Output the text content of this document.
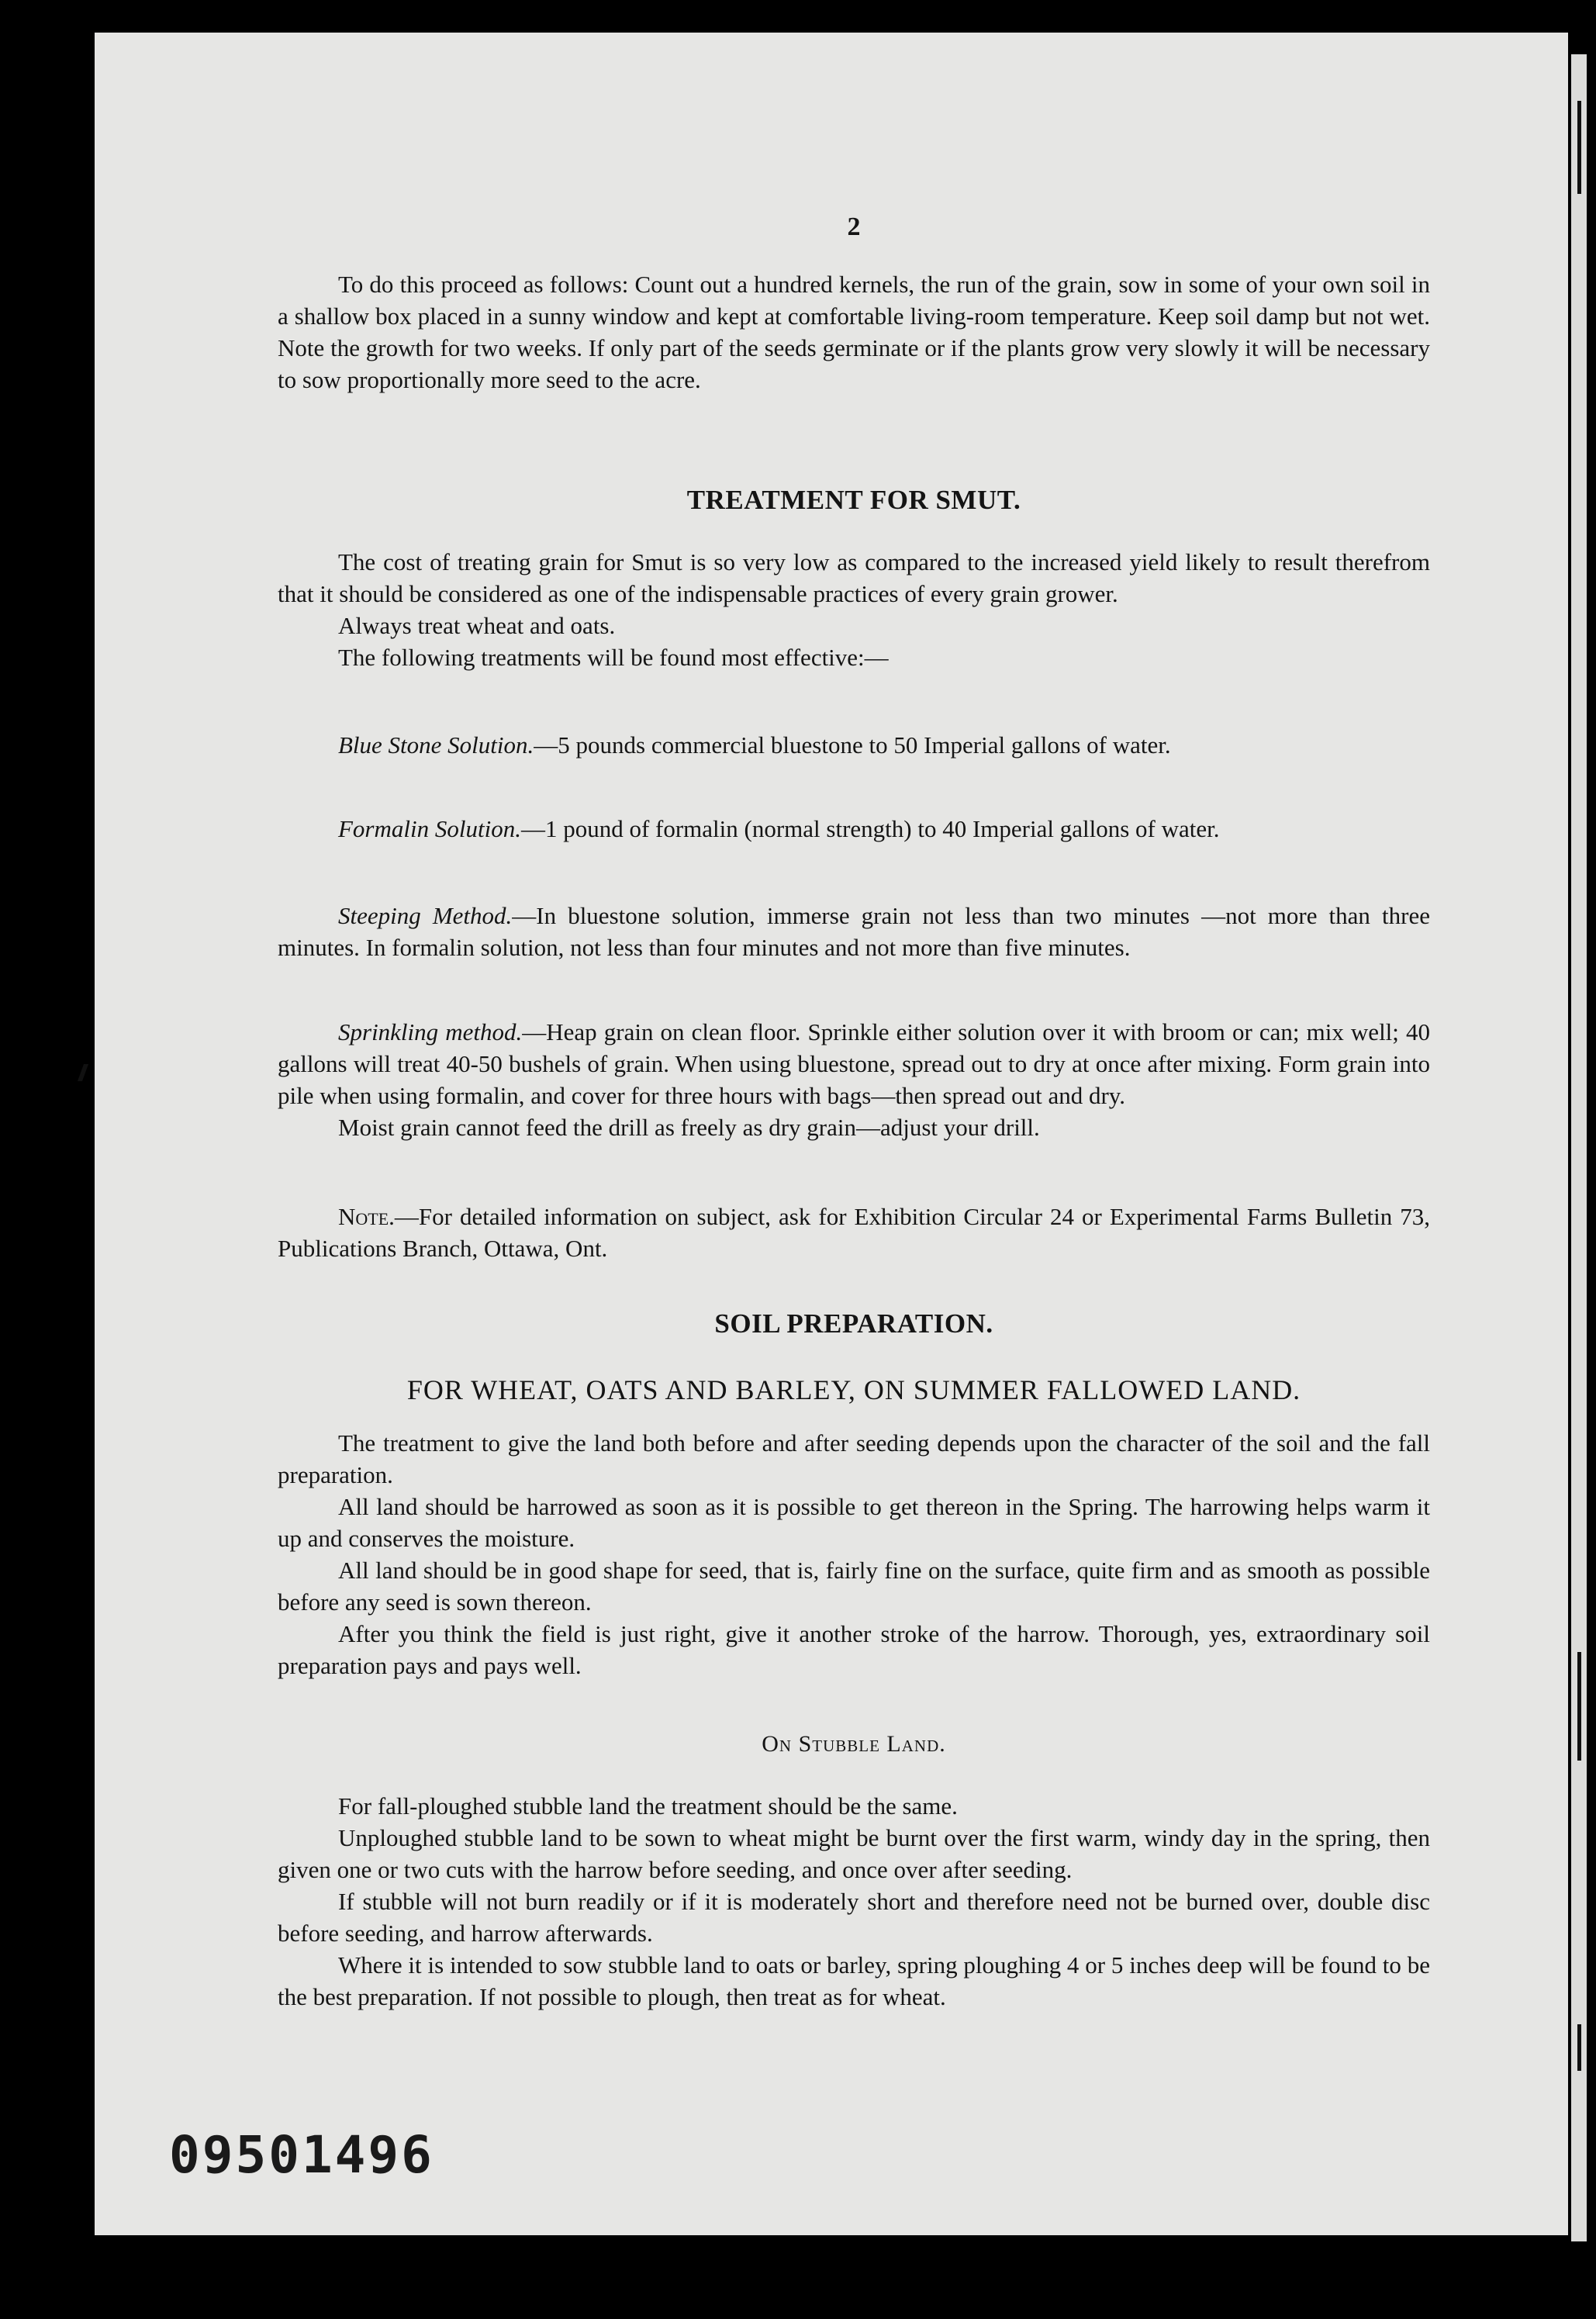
2

To do this proceed as follows: Count out a hundred kernels, the run of the grain, sow in some of your own soil in a shallow box placed in a sunny window and kept at comfortable living-room temperature. Keep soil damp but not wet. Note the growth for two weeks. If only part of the seeds germinate or if the plants grow very slowly it will be necessary to sow proportionally more seed to the acre.

TREATMENT FOR SMUT.

The cost of treating grain for Smut is so very low as compared to the increased yield likely to result therefrom that it should be considered as one of the indispensable practices of every grain grower.

Always treat wheat and oats.

The following treatments will be found most effective:—

Blue Stone Solution.—5 pounds commercial bluestone to 50 Imperial gallons of water.

Formalin Solution.—1 pound of formalin (normal strength) to 40 Imperial gallons of water.

Steeping Method.—In bluestone solution, immerse grain not less than two minutes —not more than three minutes. In formalin solution, not less than four minutes and not more than five minutes.

Sprinkling method.—Heap grain on clean floor. Sprinkle either solution over it with broom or can; mix well; 40 gallons will treat 40-50 bushels of grain. When using bluestone, spread out to dry at once after mixing. Form grain into pile when using formalin, and cover for three hours with bags—then spread out and dry.

Moist grain cannot feed the drill as freely as dry grain—adjust your drill.

Note.—For detailed information on subject, ask for Exhibition Circular 24 or Experimental Farms Bulletin 73, Publications Branch, Ottawa, Ont.

SOIL PREPARATION.
FOR WHEAT, OATS AND BARLEY, ON SUMMER FALLOWED LAND.

The treatment to give the land both before and after seeding depends upon the character of the soil and the fall preparation.

All land should be harrowed as soon as it is possible to get thereon in the Spring. The harrowing helps warm it up and conserves the moisture.

All land should be in good shape for seed, that is, fairly fine on the surface, quite firm and as smooth as possible before any seed is sown thereon.

After you think the field is just right, give it another stroke of the harrow. Thorough, yes, extraordinary soil preparation pays and pays well.

On Stubble Land.

For fall-ploughed stubble land the treatment should be the same.

Unploughed stubble land to be sown to wheat might be burnt over the first warm, windy day in the spring, then given one or two cuts with the harrow before seeding, and once over after seeding.

If stubble will not burn readily or if it is moderately short and therefore need not be burned over, double disc before seeding, and harrow afterwards.

Where it is intended to sow stubble land to oats or barley, spring ploughing 4 or 5 inches deep will be found to be the best preparation. If not possible to plough, then treat as for wheat.

09501496
